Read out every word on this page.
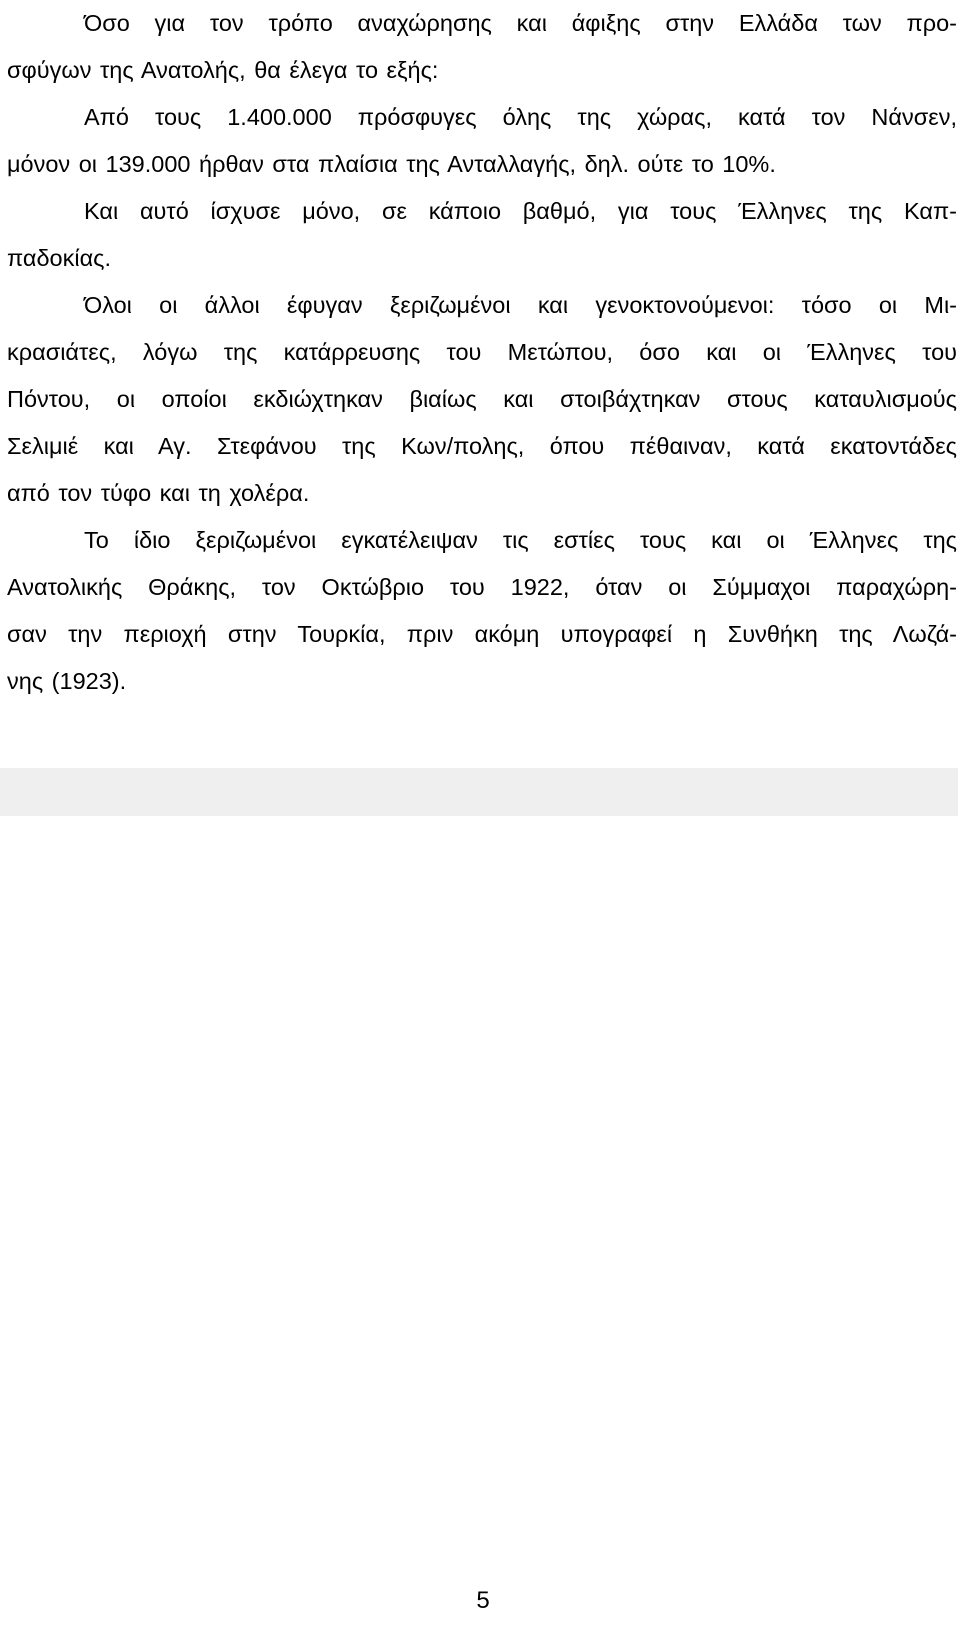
Όσο για τον τρόπο αναχώρησης και άφιξης στην Ελλάδα των προ-
σφύγων της Ανατολής, θα έλεγα το εξής:
Από τους 1.400.000 πρόσφυγες όλης της χώρας, κατά τον Νάνσεν,
μόνον οι 139.000 ήρθαν στα πλαίσια της Ανταλλαγής, δηλ. ούτε το 10%.
Και αυτό ίσχυσε μόνο, σε κάποιο βαθμό, για τους Έλληνες της Καπ-
παδοκίας.
Όλοι οι άλλοι έφυγαν ξεριζωμένοι και γενοκτονούμενοι: τόσο οι Μι-
κρασιάτες, λόγω της κατάρρευσης του Μετώπου, όσο και οι Έλληνες του
Πόντου, οι οποίοι εκδιώχτηκαν βιαίως και στοιβάχτηκαν στους καταυλισμούς
Σελιμιέ και Αγ. Στεφάνου της Κων/πολης, όπου πέθαιναν, κατά εκατοντάδες
από τον τύφο και τη χολέρα.
Το ίδιο ξεριζωμένοι εγκατέλειψαν τις εστίες τους και οι Έλληνες της
Ανατολικής Θράκης, τον Οκτώβριο του 1922, όταν οι Σύμμαχοι παραχώρη-
σαν την περιοχή στην Τουρκία, πριν ακόμη υπογραφεί η Συνθήκη της Λωζά-
νης (1923).
5
